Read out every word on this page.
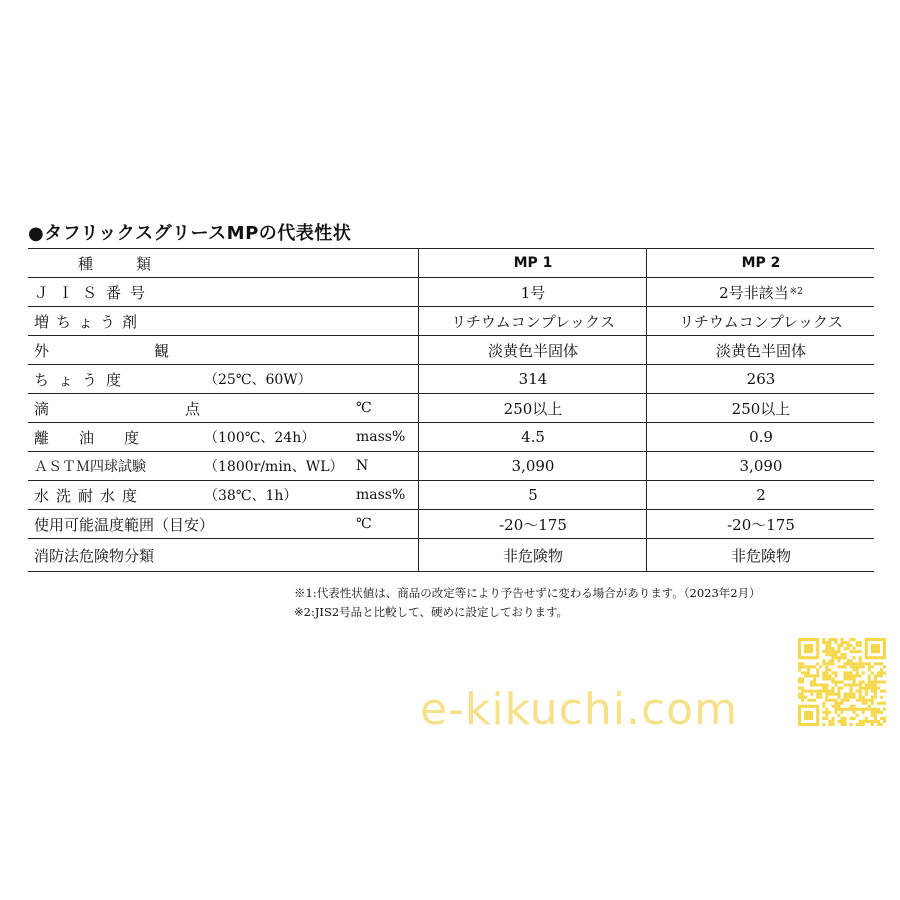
●タフリックスグリースMPの代表性状
種　類	MP 1	MP 2
ＪＩＳ番号	1号	2号非該当 ※2
増ちょう剤	リチウムコンプレックス	リチウムコンプレックス
外観	淡黄色半固体	淡黄色半固体
ちょう度	（25℃、60W）	314	263
滴点	℃	250以上	250以上
離油度	（100℃、24h）	mass%	4.5	0.9
ＡＳＴＭ四球試験	（1800r/min、WL） N	3,090	3,090
水洗耐水度	（38℃、1h）	mass%	5	2
使用可能温度範囲（目安）	℃	-20～175	-20～175
消防法危険物分類	非危険物	非危険物
※1:代表性状値は、商品の改定等により予告せずに変わる場合があります。（2023年2月）
※2:JIS2号品と比較して、硬めに設定しております。
e-kikuchi.com
